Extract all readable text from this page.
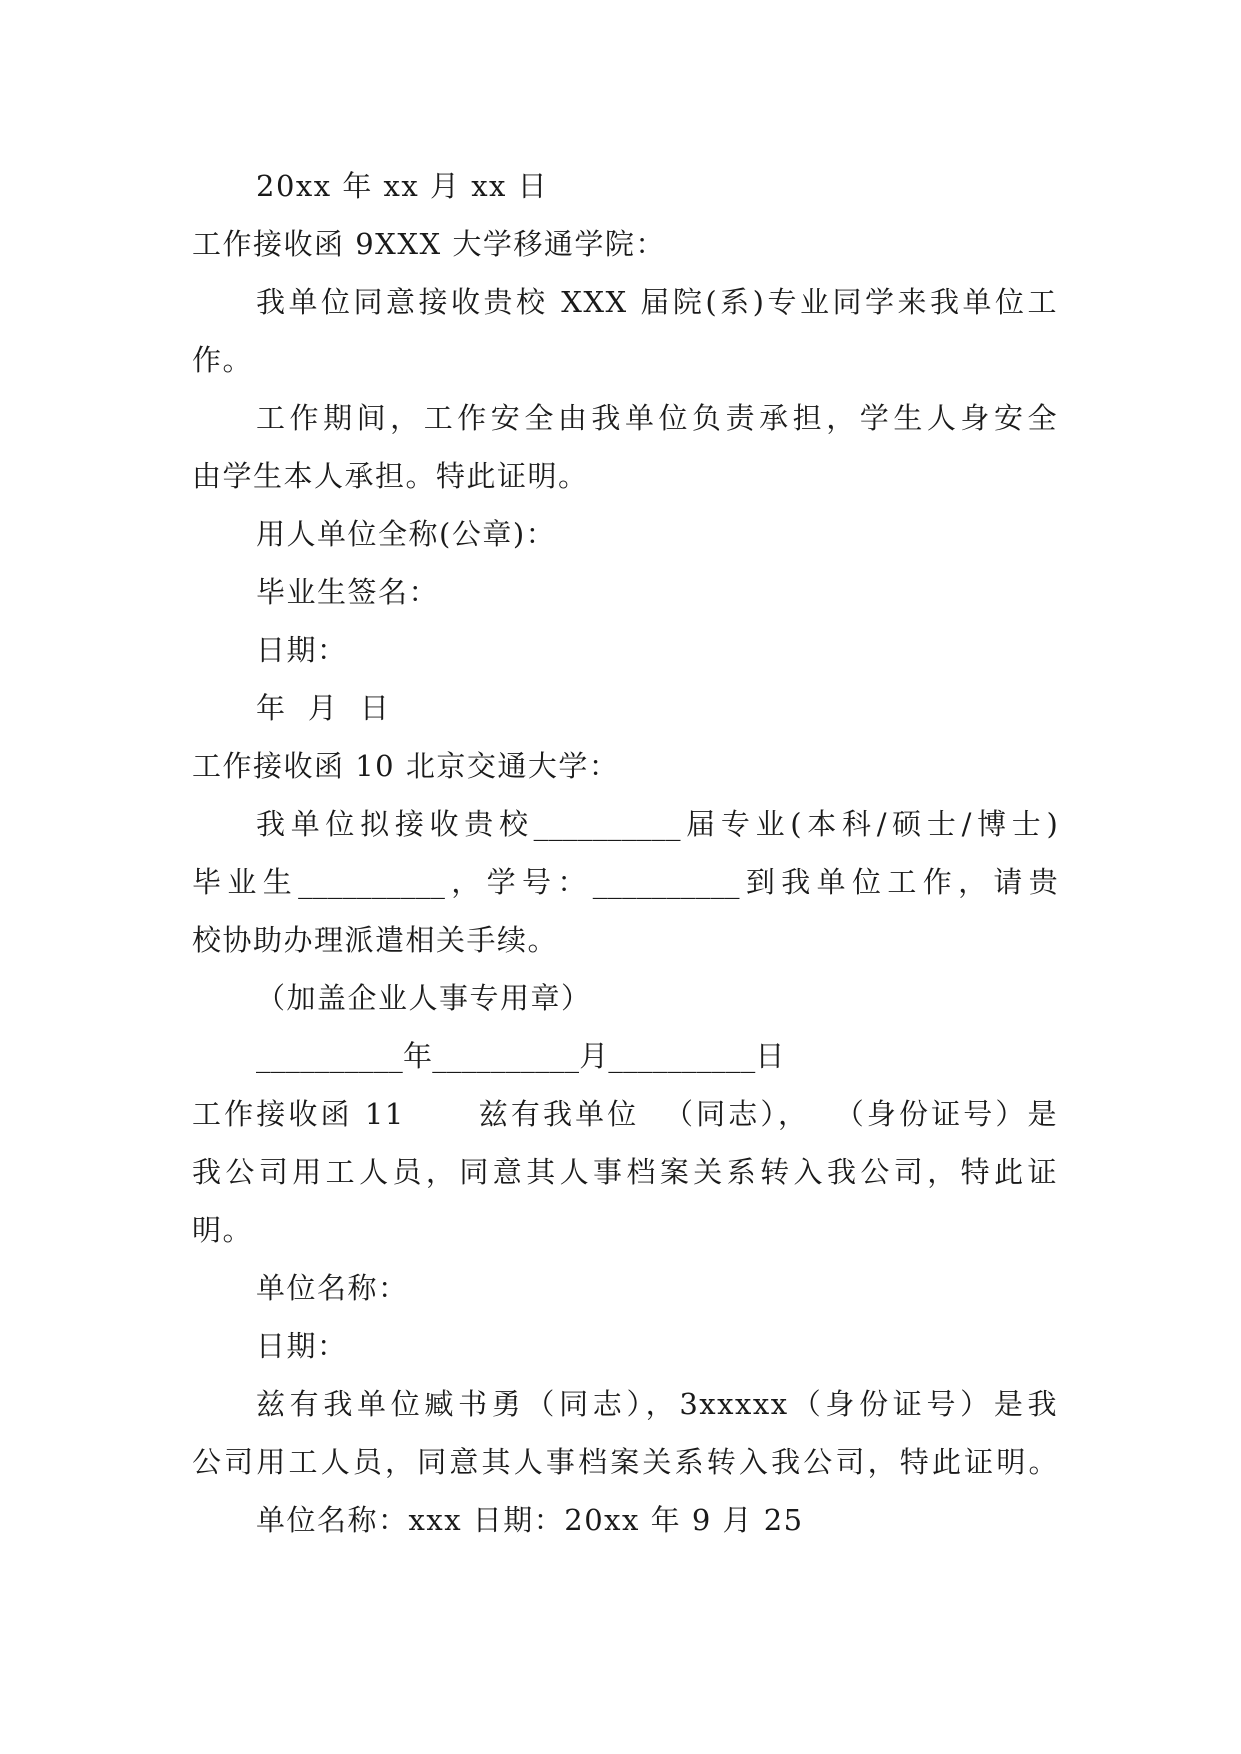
20xx 年 xx 月 xx 日
工作接收函 9XXX 大学移通学院：
我单位同意接收贵校 XXX 届院(系)专业同学来我单位工
作。
工作期间，工作安全由我单位负责承担，学生人身安全
由学生本人承担。特此证明。
用人单位全称(公章)：
毕业生签名：
日期：
年  月  日
工作接收函 10 北京交通大学：
我单位拟接收贵校__________届专业(本科/硕士/博士)
毕业生__________，学号：__________到我单位工作，请贵
校协助办理派遣相关手续。
（加盖企业人事专用章）
__________年__________月__________日
工作接收函 11      兹有我单位  （同志），  （身份证号）是
我公司用工人员，同意其人事档案关系转入我公司，特此证
明。
单位名称：
日期：
兹有我单位臧书勇（同志），3xxxxx（身份证号）是我
公司用工人员，同意其人事档案关系转入我公司，特此证明。
单位名称：xxx 日期：20xx 年 9 月 25
